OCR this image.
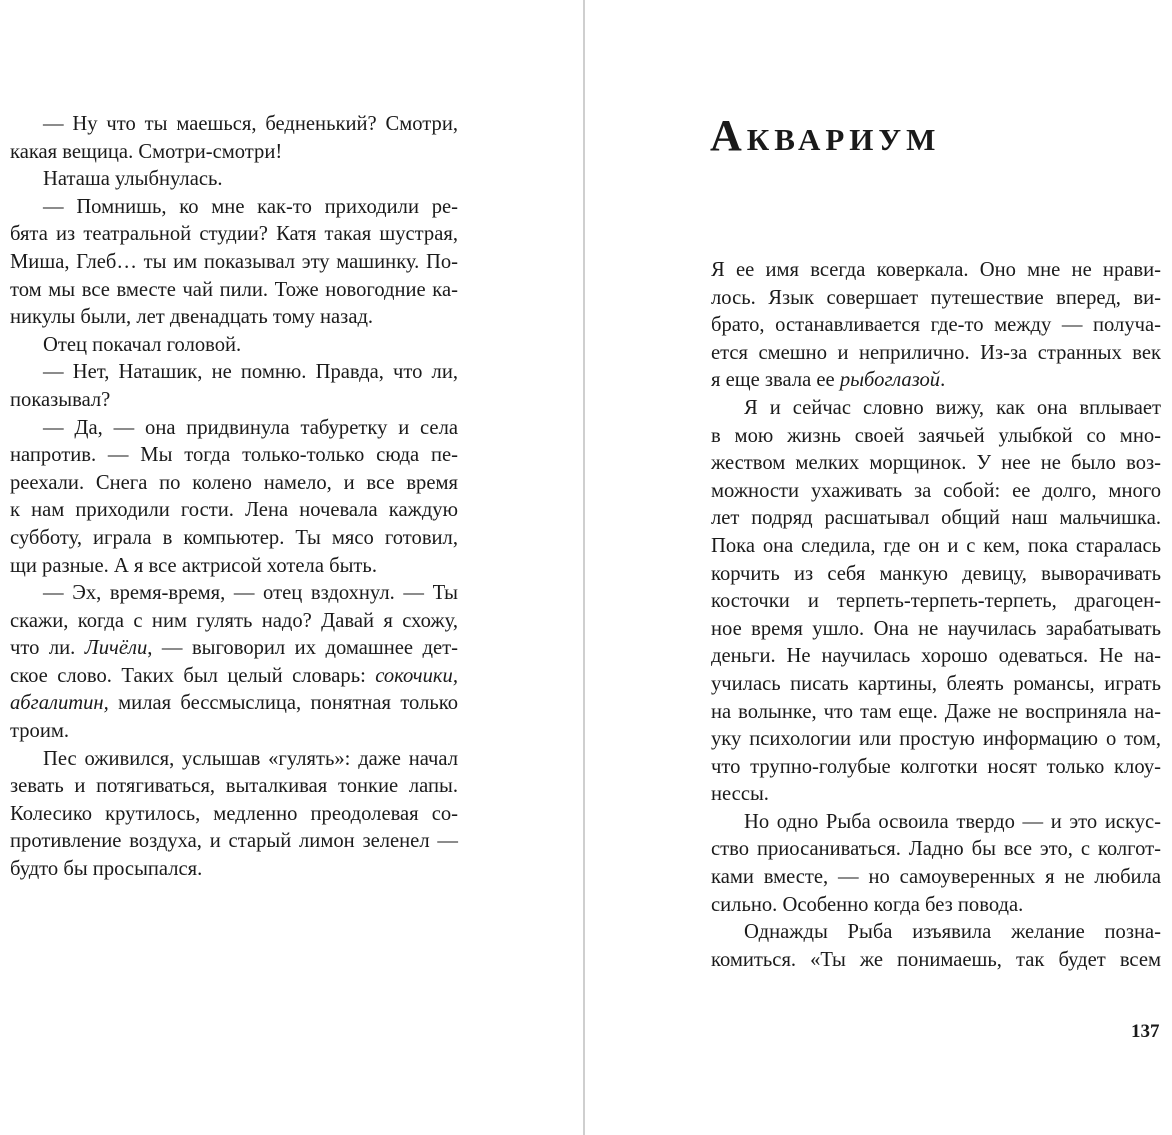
— Ну что ты маешься, бедненький? Смотри,
какая вещица. Смотри-смотри!
Наташа улыбнулась.
— Помнишь, ко мне как-то приходили ре-
бята из театральной студии? Катя такая шустрая,
Миша, Глеб… ты им показывал эту машинку. По-
том мы все вместе чай пили. Тоже новогодние ка-
никулы были, лет двенадцать тому назад.
Отец покачал головой.
— Нет, Наташик, не помню. Правда, что ли,
показывал?
— Да, — она придвинула табуретку и села
напротив. — Мы тогда только-только сюда пе-
реехали. Снега по колено намело, и все время
к нам приходили гости. Лена ночевала каждую
субботу, играла в компьютер. Ты мясо готовил,
щи разные. А я все актрисой хотела быть.
— Эх, время-время, — отец вздохнул. — Ты
скажи, когда с ним гулять надо? Давай я схожу,
что ли. Личёли, — выговорил их домашнее дет-
ское слово. Таких был целый словарь: сокочики,
абгалитин, милая бессмыслица, понятная только
троим.
Пес оживился, услышав «гулять»: даже начал
зевать и потягиваться, выталкивая тонкие лапы.
Колесико крутилось, медленно преодолевая со-
противление воздуха, и старый лимон зеленел —
будто бы просыпался.
Аквариум
Я ее имя всегда коверкала. Оно мне не нрави-
лось. Язык совершает путешествие вперед, ви-
брато, останавливается где-то между — получа-
ется смешно и неприлично. Из-за странных век
я еще звала ее рыбоглазой.
Я и сейчас словно вижу, как она вплывает
в мою жизнь своей заячьей улыбкой со мно-
жеством мелких морщинок. У нее не было воз-
можности ухаживать за собой: ее долго, много
лет подряд расшатывал общий наш мальчишка.
Пока она следила, где он и с кем, пока старалась
корчить из себя манкую девицу, выворачивать
косточки и терпеть-терпеть-терпеть, драгоцен-
ное время ушло. Она не научилась зарабатывать
деньги. Не научилась хорошо одеваться. Не на-
училась писать картины, блеять романсы, играть
на волынке, что там еще. Даже не восприняла на-
уку психологии или простую информацию о том,
что трупно-голубые колготки носят только клоу-
нессы.
Но одно Рыба освоила твердо — и это искус-
ство приосаниваться. Ладно бы все это, с колгот-
ками вместе, — но самоуверенных я не любила
сильно. Особенно когда без повода.
Однажды Рыба изъявила желание позна-
комиться. «Ты же понимаешь, так будет всем
137
